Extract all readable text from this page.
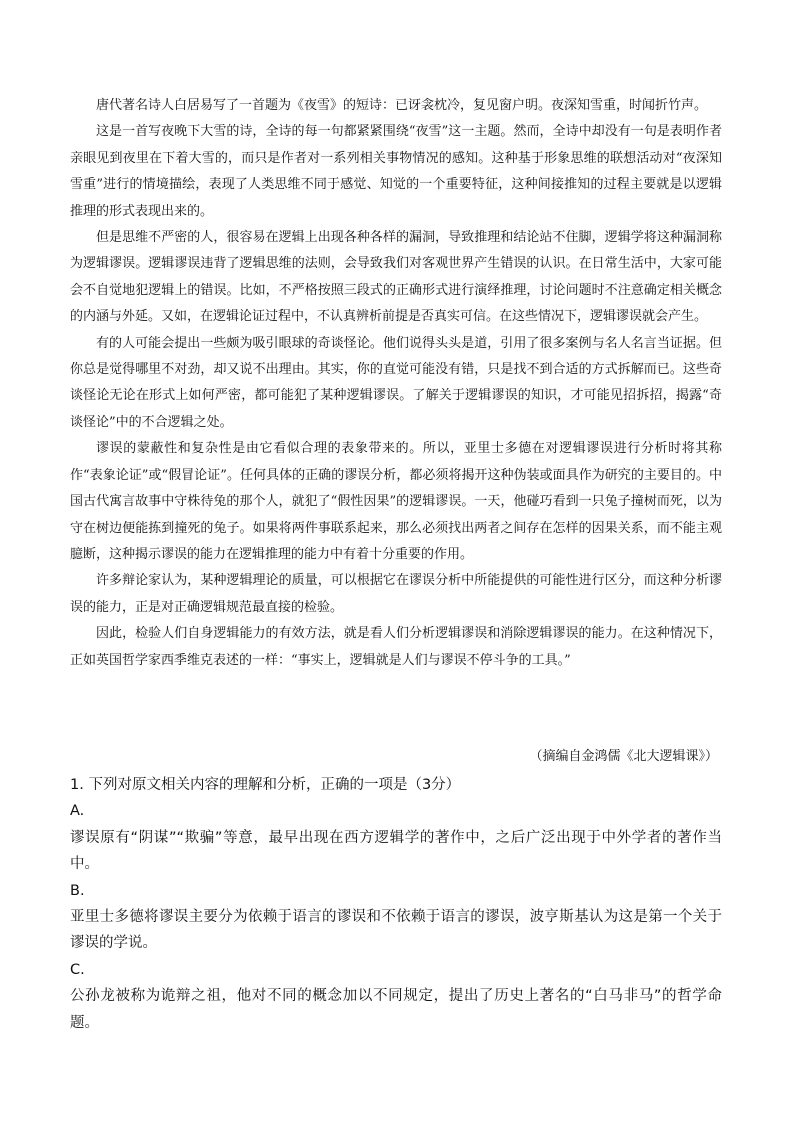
唐代著名诗人白居易写了一首题为《夜雪》的短诗：已讶衾枕冷，复见窗户明。夜深知雪重，时闻折竹声。

这是一首写夜晚下大雪的诗，全诗的每一句都紧紧围绕“夜雪”这一主题。然而，全诗中却没有一句是表明作者亲眼见到夜里在下着大雪的，而只是作者对一系列相关事物情况的感知。这种基于形象思维的联想活动对“夜深知雪重”进行的情境描绘，表现了人类思维不同于感觉、知觉的一个重要特征，这种间接推知的过程主要就是以逻辑推理的形式表现出来的。

但是思维不严密的人，很容易在逻辑上出现各种各样的漏洞，导致推理和结论站不住脚，逻辑学将这种漏洞称为逻辑谬误。逻辑谬误违背了逻辑思维的法则，会导致我们对客观世界产生错误的认识。在日常生活中，大家可能会不自觉地犯逻辑上的错误。比如，不严格按照三段式的正确形式进行演绎推理，讨论问题时不注意确定相关概念的内涵与外延。又如，在逻辑论证过程中，不认真辨析前提是否真实可信。在这些情况下，逻辑谬误就会产生。

有的人可能会提出一些颇为吸引眼球的奇谈怪论。他们说得头头是道，引用了很多案例与名人名言当证据。但你总是觉得哪里不对劲，却又说不出理由。其实，你的直觉可能没有错，只是找不到合适的方式拆解而已。这些奇谈怪论无论在形式上如何严密，都可能犯了某种逻辑谬误。了解关于逻辑谬误的知识，才可能见招拆招，揭露“奇谈怪论”中的不合逻辑之处。

谬误的蒙蔽性和复杂性是由它看似合理的表象带来的。所以，亚里士多德在对逻辑谬误进行分析时将其称作“表象论证”或“假冒论证”。任何具体的正确的谬误分析，都必须将揭开这种伪装或面具作为研究的主要目的。中国古代寓言故事中守株待兔的那个人，就犯了“假性因果”的逻辑谬误。一天，他碰巧看到一只兔子撞树而死，以为守在树边便能拣到撞死的兔子。如果将两件事联系起来，那么必须找出两者之间存在怎样的因果关系，而不能主观臆断，这种揭示谬误的能力在逻辑推理的能力中有着十分重要的作用。

许多辩论家认为，某种逻辑理论的质量，可以根据它在谬误分析中所能提供的可能性进行区分，而这种分析谬误的能力，正是对正确逻辑规范最直接的检验。

因此，检验人们自身逻辑能力的有效方法，就是看人们分析逻辑谬误和消除逻辑谬误的能力。在这种情况下，正如英国哲学家西季维克表述的一样：“事实上，逻辑就是人们与谬误不停斗争的工具。”

（摘编自金鸿儒《北大逻辑课》）

1. 下列对原文相关内容的理解和分析，正确的一项是（3分）

A.

谬误原有“阴谋”“欺骗”等意，最早出现在西方逻辑学的著作中，之后广泛出现于中外学者的著作当中。

B.

亚里士多德将谬误主要分为依赖于语言的谬误和不依赖于语言的谬误，波亨斯基认为这是第一个关于谬误的学说。

C.

公孙龙被称为诡辩之祖，他对不同的概念加以不同规定，提出了历史上著名的“白马非马”的哲学命题。
